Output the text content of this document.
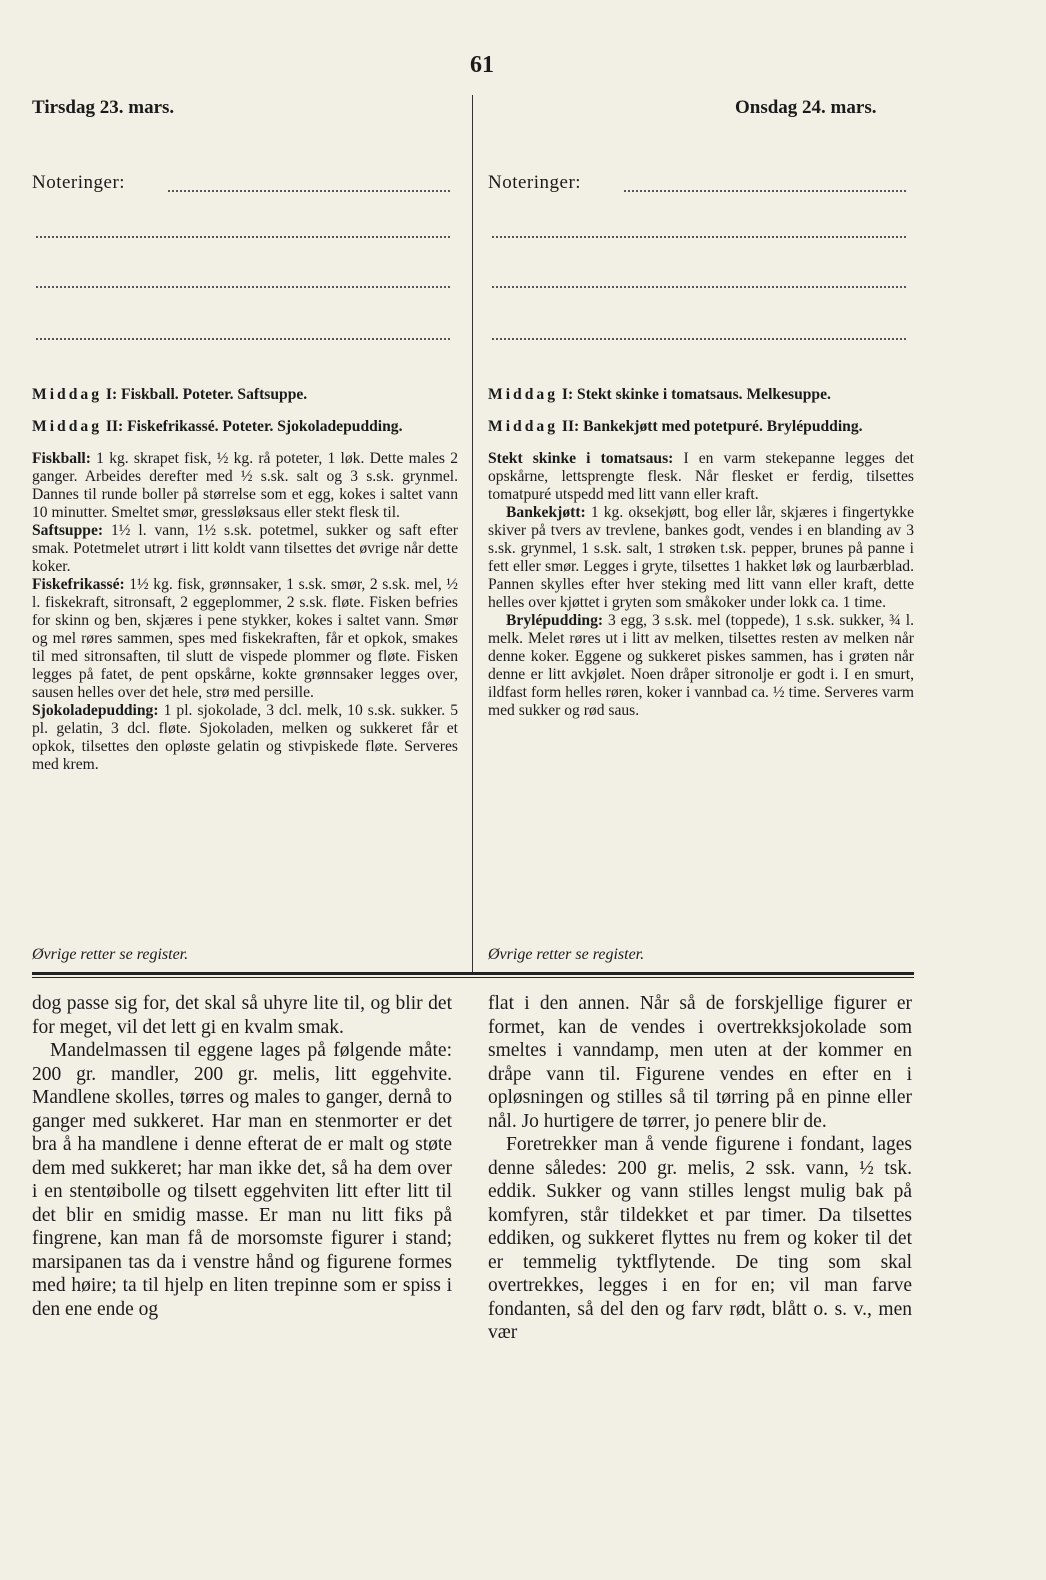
61
Tirsdag 23. mars.	Onsdag 24. mars.
Noteringer:	Noteringer:

Middag I: Fiskball. Poteter. Saftsuppe.

Middag II: Fiskefrikassé. Poteter. Sjokoladepudding.

Fiskball: 1 kg. skrapet fisk, ½ kg. rå poteter, 1 løk. Dette males 2 ganger. Arbeides derefter med ½ s.sk. salt og 3 s.sk. grynmel. Dannes til runde boller på størrelse som et egg, kokes i saltet vann 10 minutter. Smeltet smør, gressløksaus eller stekt flesk til.

Saftsuppe: 1½ l. vann, 1½ s.sk. potetmel, sukker og saft efter smak. Potetmelet utrørt i litt koldt vann tilsettes det øvrige når dette koker.

Fiskefrikassé: 1½ kg. fisk, grønnsaker, 1 s.sk. smør, 2 s.sk. mel, ½ l. fiskekraft, sitronsaft, 2 eggeplommer, 2 s.sk. fløte. Fisken befries for skinn og ben, skjæres i pene stykker, kokes i saltet vann. Smør og mel røres sammen, spes med fiskekraften, får et opkok, smakes til med sitronsaften, til slutt de vispede plommer og fløte. Fisken legges på fatet, de pent opskårne, kokte grønnsaker legges over, sausen helles over det hele, strø med persille.

Sjokoladepudding: 1 pl. sjokolade, 3 dcl. melk, 10 s.sk. sukker. 5 pl. gelatin, 3 dcl. fløte. Sjokoladen, melken og sukkeret får et opkok, tilsettes den opløste gelatin og stivpiskede fløte. Serveres med krem.

Øvrige retter se register.

Middag I: Stekt skinke i tomatsaus. Melkesuppe.

Middag II: Bankekjøtt med potetpuré. Brylépudding.

Stekt skinke i tomatsaus: I en varm stekepanne legges det opskårne, lettsprengte flesk. Når flesket er ferdig, tilsettes tomatpuré utspedd med litt vann eller kraft.

Bankekjøtt: 1 kg. oksekjøtt, bog eller lår, skjæres i fingertykke skiver på tvers av trevlene, bankes godt, vendes i en blanding av 3 s.sk. grynmel, 1 s.sk. salt, 1 strøken t.sk. pepper, brunes på panne i fett eller smør. Legges i gryte, tilsettes 1 hakket løk og laurbærblad. Pannen skylles efter hver steking med litt vann eller kraft, dette helles over kjøttet i gryten som småkoker under lokk ca. 1 time.

Brylépudding: 3 egg, 3 s.sk. mel (toppede), 1 s.sk. sukker, ¾ l. melk. Melet røres ut i litt av melken, tilsettes resten av melken når denne koker. Eggene og sukkeret piskes sammen, has i grøten når denne er litt avkjølet. Noen dråper sitronolje er godt i. I en smurt, ildfast form helles røren, koker i vannbad ca. ½ time. Serveres varm med sukker og rød saus.

Øvrige retter se register.

dog passe sig for, det skal så uhyre lite til, og blir det for meget, vil det lett gi en kvalm smak.

Mandelmassen til eggene lages på følgende måte: 200 gr. mandler, 200 gr. melis, litt eggehvite. Mandlene skolles, tørres og males to ganger, dernå to ganger med sukkeret. Har man en stenmorter er det bra å ha mandlene i denne efterat de er malt og støte dem med sukkeret; har man ikke det, så ha dem over i en stentøibolle og tilsett eggehviten litt efter litt til det blir en smidig masse. Er man nu litt fiks på fingrene, kan man få de morsomste figurer i stand; marsipanen tas da i venstre hånd og figurene formes med høire; ta til hjelp en liten trepinne som er spiss i den ene ende og

flat i den annen. Når så de forskjellige figurer er formet, kan de vendes i overtrekksjokolade som smeltes i vanndamp, men uten at der kommer en dråpe vann til. Figurene vendes en efter en i opløsningen og stilles så til tørring på en pinne eller nål. Jo hurtigere de tørrer, jo penere blir de.

Foretrekker man å vende figurene i fondant, lages denne således: 200 gr. melis, 2 ssk. vann, ½ tsk. eddik. Sukker og vann stilles lengst mulig bak på komfyren, står tildekket et par timer. Da tilsettes eddiken, og sukkeret flyttes nu frem og koker til det er temmelig tyktflytende. De ting som skal overtrekkes, legges i en for en; vil man farve fondanten, så del den og farv rødt, blått o. s. v., men vær
